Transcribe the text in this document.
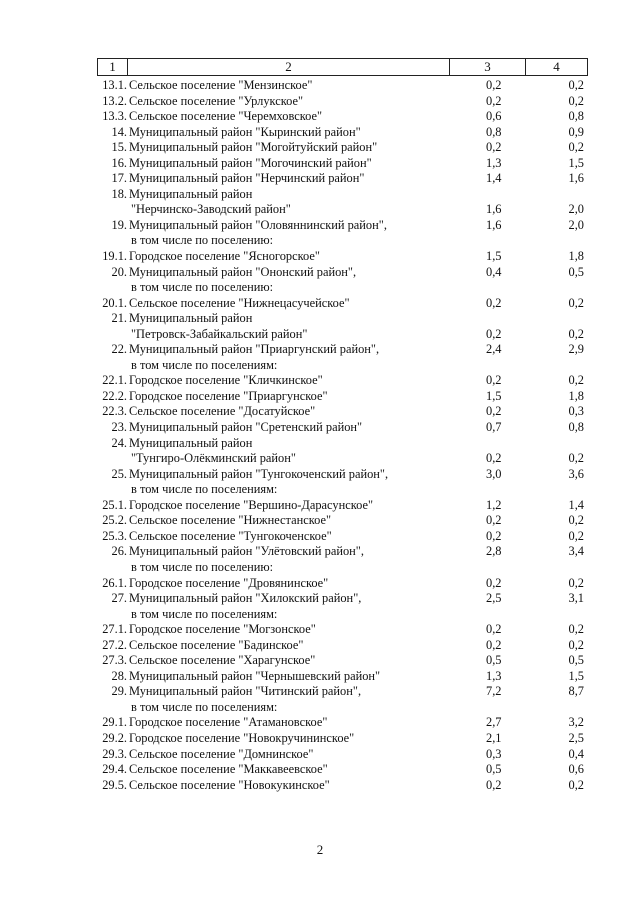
1	2	3	4
13.1. Сельское поселение "Мензинское"	0,2	0,2
13.2. Сельское поселение "Урлукское"	0,2	0,2
13.3. Сельское поселение "Черемховское"	0,6	0,8
14. Муниципальный район "Кыринский район"	0,8	0,9
15. Муниципальный район "Могойтуйский район"	0,2	0,2
16. Муниципальный район "Могочинский район"	1,3	1,5
17. Муниципальный район "Нерчинский район"	1,4	1,6
18. Муниципальный район
"Нерчинско-Заводский район"	1,6	2,0
19. Муниципальный район "Оловяннинский район",	1,6	2,0
в том числе по поселению:
19.1. Городское поселение "Ясногорское"	1,5	1,8
20. Муниципальный район "Ононский район",	0,4	0,5
в том числе по поселению:
20.1. Сельское поселение "Нижнецасучейское"	0,2	0,2
21. Муниципальный район
"Петровск-Забайкальский район"	0,2	0,2
22. Муниципальный район "Приаргунский район",	2,4	2,9
в том числе по поселениям:
22.1. Городское поселение "Кличкинское"	0,2	0,2
22.2. Городское поселение "Приаргунское"	1,5	1,8
22.3. Сельское поселение "Досатуйское"	0,2	0,3
23. Муниципальный район "Сретенский район"	0,7	0,8
24. Муниципальный район
"Тунгиро-Олёкминский район"	0,2	0,2
25. Муниципальный район "Тунгокоченский район",	3,0	3,6
в том числе по поселениям:
25.1. Городское поселение "Вершино-Дарасунское"	1,2	1,4
25.2. Сельское поселение "Нижнестанское"	0,2	0,2
25.3. Сельское поселение "Тунгокоченское"	0,2	0,2
26. Муниципальный район "Улётовский район",	2,8	3,4
в том числе по поселению:
26.1. Городское поселение "Дровянинское"	0,2	0,2
27. Муниципальный район "Хилокский район",	2,5	3,1
в том числе по поселениям:
27.1. Городское поселение "Могзонское"	0,2	0,2
27.2. Сельское поселение "Бадинское"	0,2	0,2
27.3. Сельское поселение "Харагунское"	0,5	0,5
28. Муниципальный район "Чернышевский район"	1,3	1,5
29. Муниципальный район "Читинский район",	7,2	8,7
в том числе по поселениям:
29.1. Городское поселение "Атамановское"	2,7	3,2
29.2. Городское поселение "Новокручининское"	2,1	2,5
29.3. Сельское поселение "Домнинское"	0,3	0,4
29.4. Сельское поселение "Маккавеевское"	0,5	0,6
29.5. Сельское поселение "Новокукинское"	0,2	0,2
2
